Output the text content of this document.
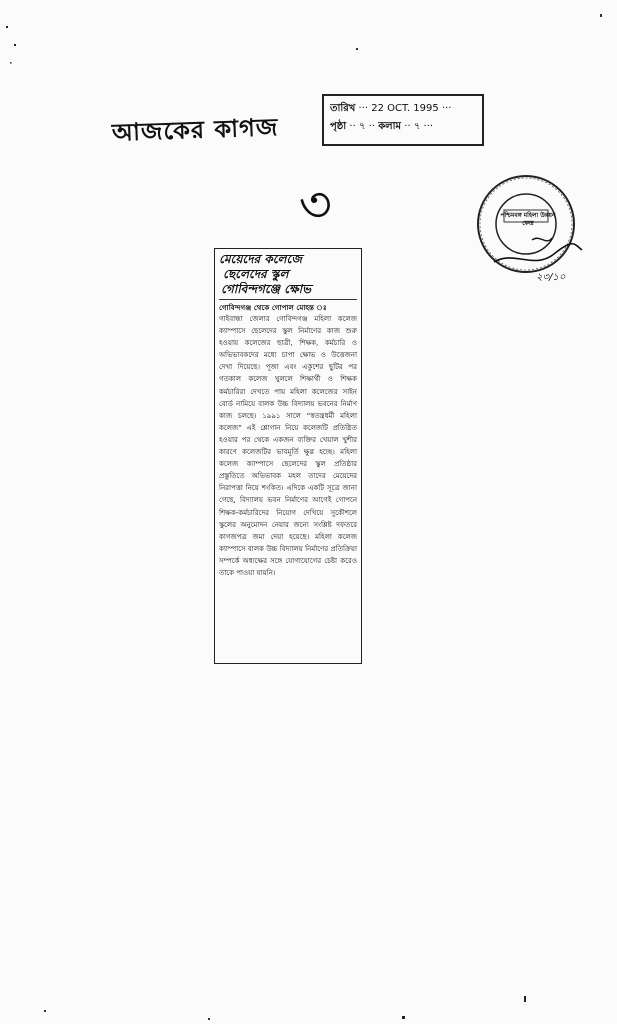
আজকের কাগজ
তারিখ ··· 22 OCT. 1995 ···
পৃষ্ঠা ·· ৭ ·· কলাম ·· ৭ ···
৩	পশ্চিমবঙ্গ মহিলা উন্নয়ন কেন্দ্র
২৩/১০
মেয়েদের কলেজে
ছেলেদের স্কুল
গোবিন্দগঞ্জে ক্ষোভ
গোবিন্দগঞ্জ থেকে গোপাল মোহন্ত ঃ
গাইবান্ধা জেলার গোবিন্দগঞ্জ মহিলা কলেজ ক্যাম্পাসে ছেলেদের স্কুল নির্মাণের কাজ শুরু হওয়ায় কলেজের ছাত্রী, শিক্ষক, কর্মচারি ও অভিভাবকদের মধ্যে চাপা ক্ষোভ ও উত্তেজনা দেখা দিয়েছে। পূজা এবং একুশের ছুটির পর গতকাল কলেজ খুললে শিক্ষার্থী ও শিক্ষক কর্মচারিরা দেখতে পায় মহিলা কলেজের সাইন বোর্ড নামিয়ে বালক উচ্চ বিদ্যালয় ভবনের নির্মাণ কাজ চলছে। ১৯৯১ সালে “স্বতন্ত্রধর্মী মহিলা কলেজ” এই শ্লোগান নিয়ে কলেজটি প্রতিষ্ঠিত হওয়ার পর থেকে একজন ব্যক্তির খেয়াল খুশীর কারণে কলেজটির ভাবমূর্তি ক্ষুণ্ণ হচ্ছে। মহিলা কলেজ ক্যাম্পাসে ছেলেদের স্কুল প্রতিষ্ঠার প্রস্তুতিতে অভিভাবক মহল তাদের মেয়েদের নিরাপত্তা নিয়ে শংকিত। এদিকে একটি সূত্রে জানা গেছে, বিদ্যালয় ভবন নির্মাণের আগেই গোপনে শিক্ষক-কর্মচারিদের নিয়োগ দেখিয়ে সুকৌশলে স্কুলের অনুমোদন নেয়ার জন্যে সংশ্লিষ্ট দফতরে কাগজপত্র জমা দেয়া হয়েছে। মহিলা কলেজ ক্যাম্পাসে বালক উচ্চ বিদ্যালয় নির্মাণের প্রতিক্রিয়া সম্পর্কে অধ্যক্ষের সঙ্গে যোগাযোগের চেষ্টা করেও তাকে পাওয়া যায়নি।
